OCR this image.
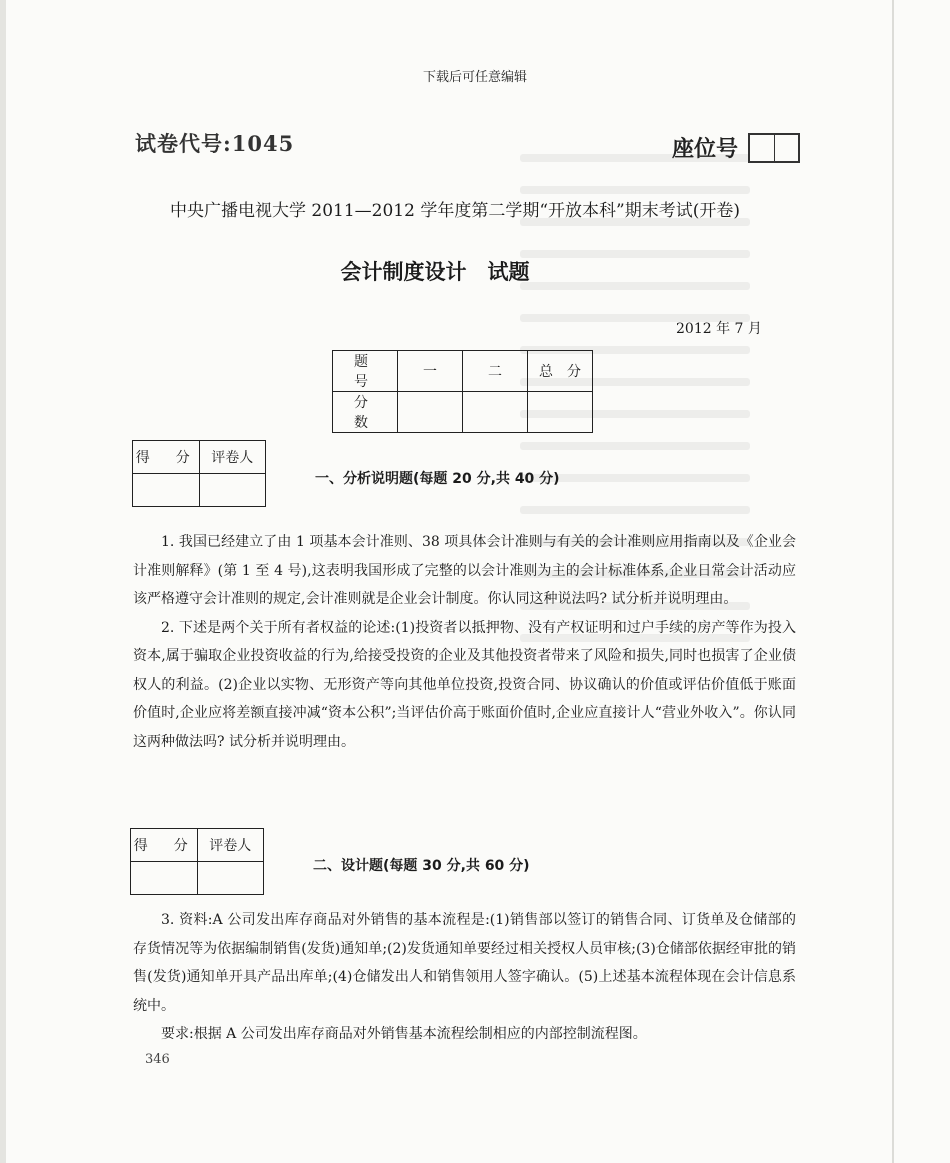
下载后可任意编辑
试卷代号:1045	座位号
中央广播电视大学 2011—2012 学年度第二学期“开放本科”期末考试(开卷)
会计制度设计　试题
2012 年 7 月
题　号	一	二	总　分
分　数			
得　分	评卷人

一、分析说明题(每题 20 分,共 40 分)

1. 我国已经建立了由 1 项基本会计准则、38 项具体会计准则与有关的会计准则应用指南以及《企业会计准则解释》(第 1 至 4 号),这表明我国形成了完整的以会计准则为主的会计标准体系,企业日常会计活动应该严格遵守会计准则的规定,会计准则就是企业会计制度。你认同这种说法吗? 试分析并说明理由。

2. 下述是两个关于所有者权益的论述:(1)投资者以抵押物、没有产权证明和过户手续的房产等作为投入资本,属于骗取企业投资收益的行为,给接受投资的企业及其他投资者带来了风险和损失,同时也损害了企业债权人的利益。(2)企业以实物、无形资产等向其他单位投资,投资合同、协议确认的价值或评估价值低于账面价值时,企业应将差额直接冲减“资本公积”;当评估价高于账面价值时,企业应直接计人“营业外收入”。你认同这两种做法吗? 试分析并说明理由。

得　分	评卷人

二、设计题(每题 30 分,共 60 分)

3. 资料:A 公司发出库存商品对外销售的基本流程是:(1)销售部以签订的销售合同、订货单及仓储部的存货情况等为依据编制销售(发货)通知单;(2)发货通知单要经过相关授权人员审核;(3)仓储部依据经审批的销售(发货)通知单开具产品出库单;(4)仓储发出人和销售领用人签字确认。(5)上述基本流程体现在会计信息系统中。

要求:根据 A 公司发出库存商品对外销售基本流程绘制相应的内部控制流程图。

346
